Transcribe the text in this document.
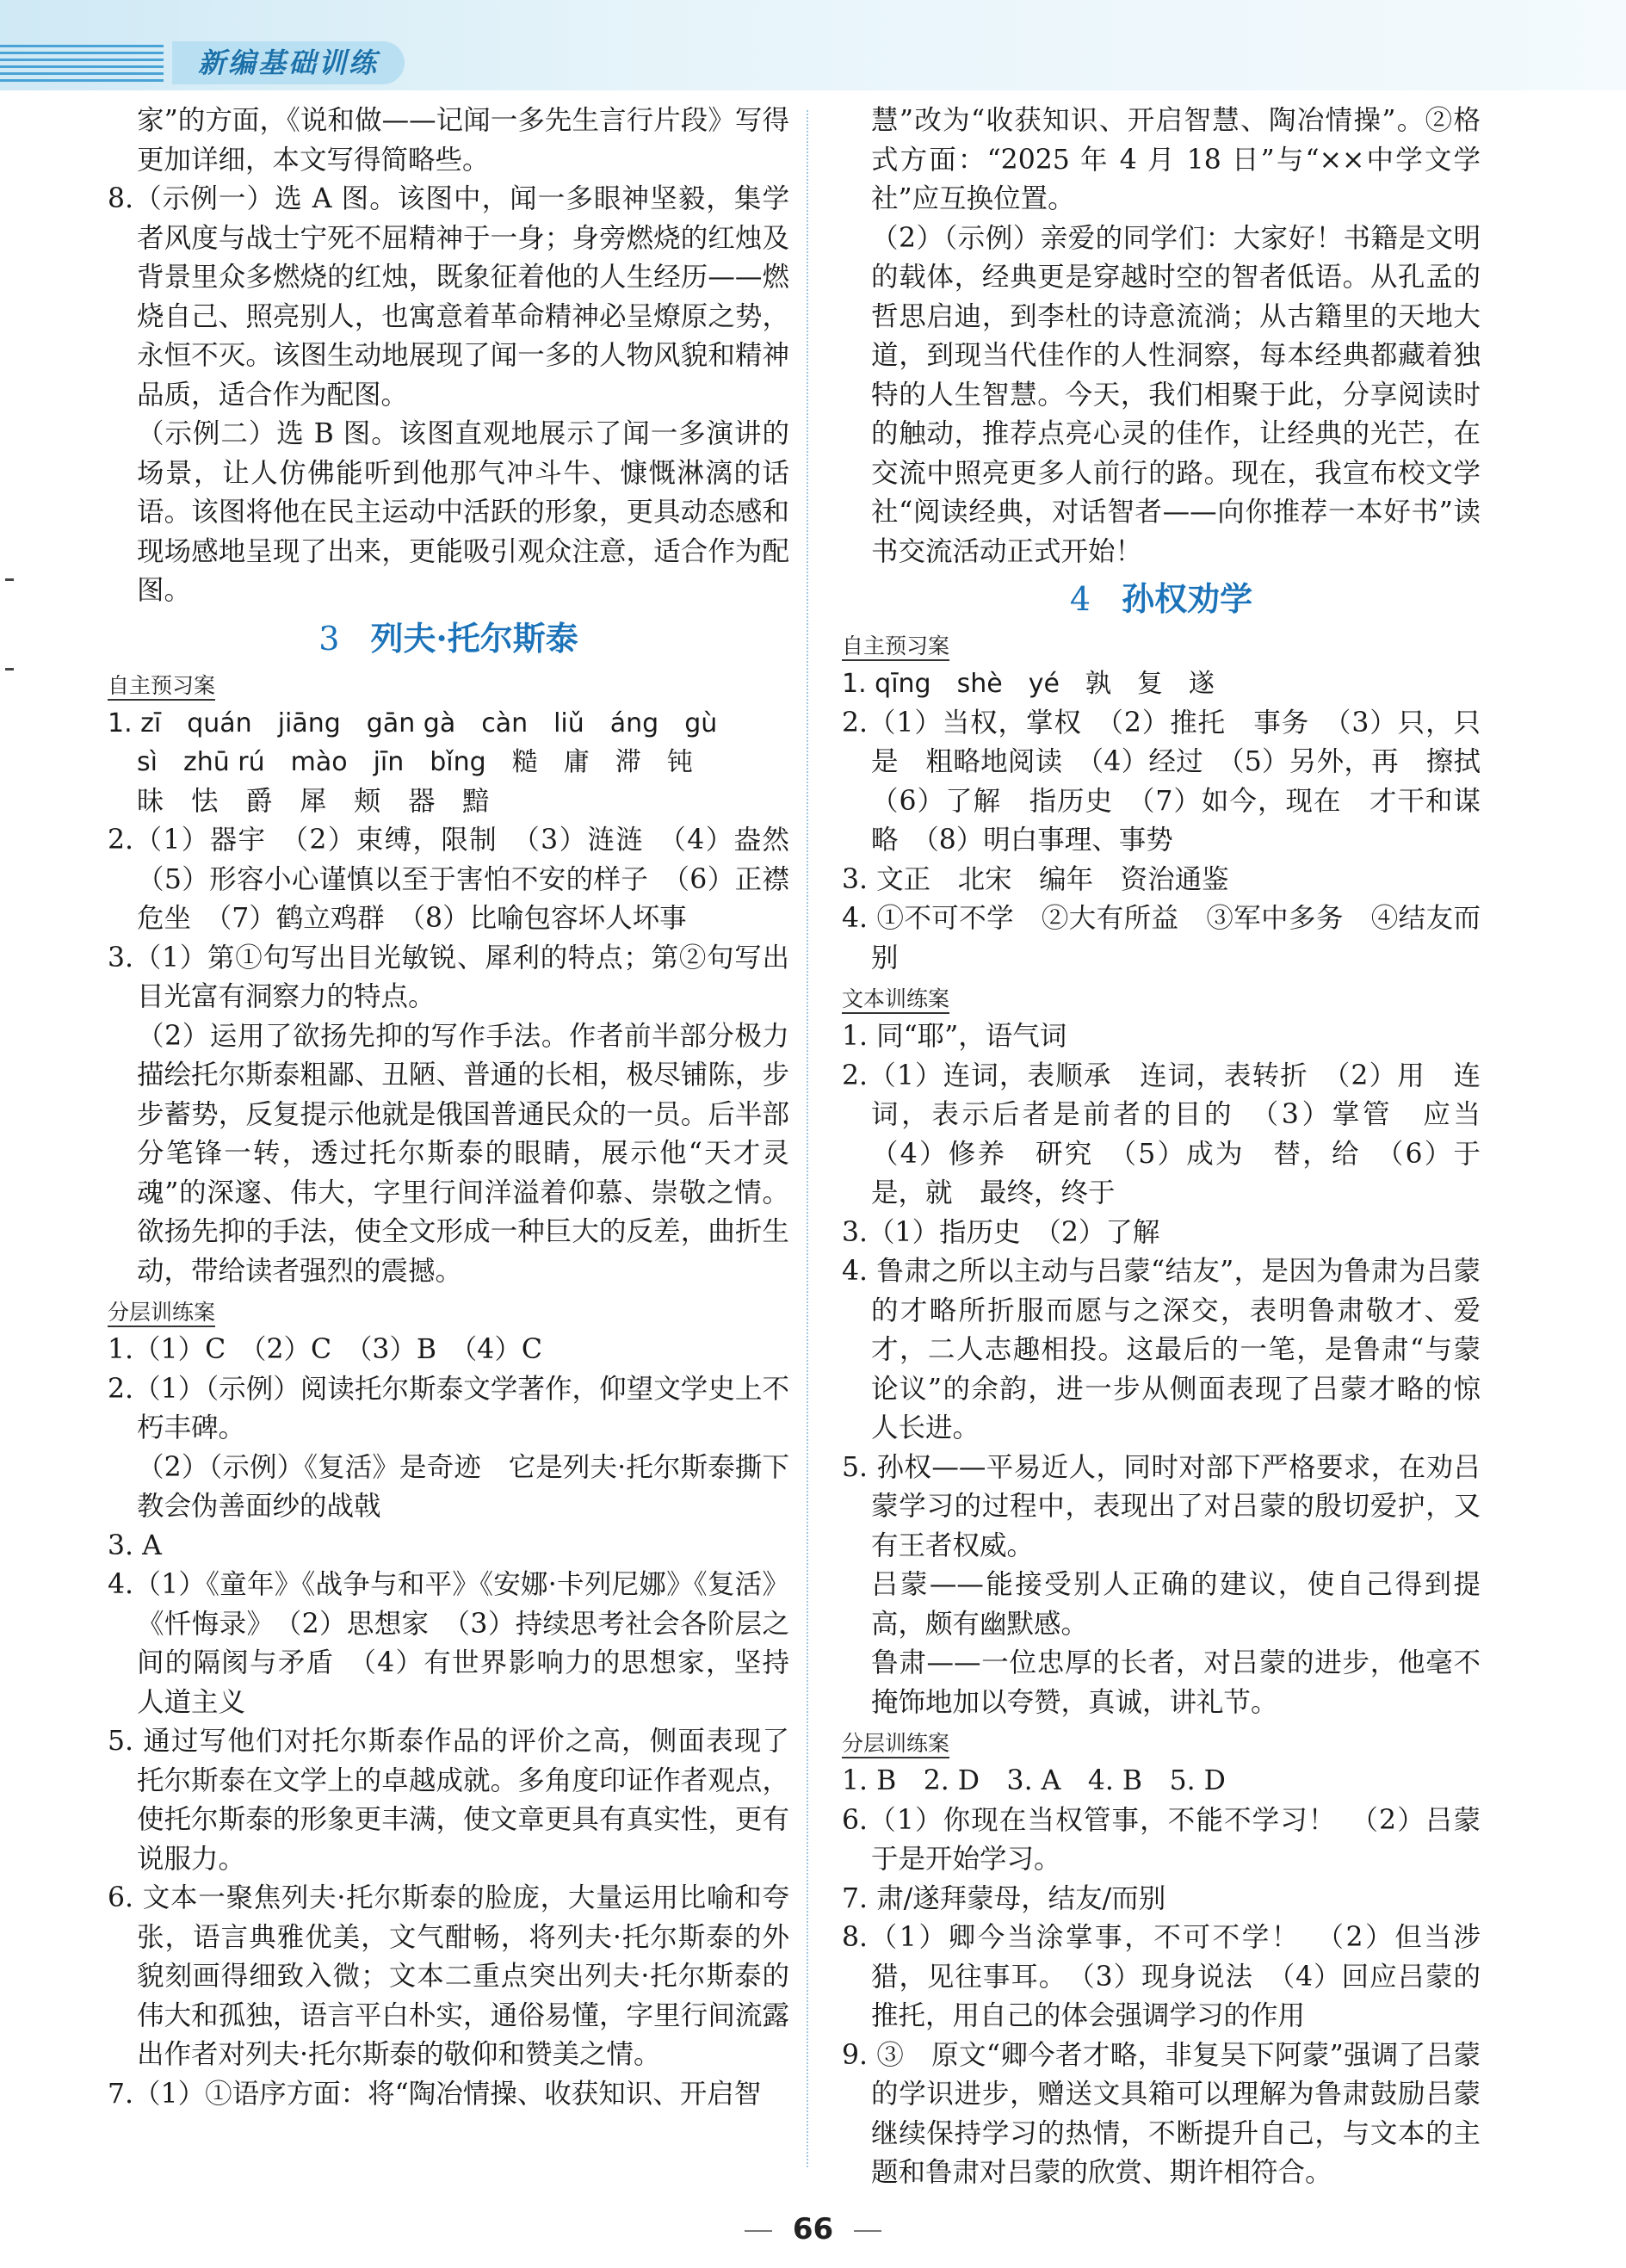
新编基础训练

家”的方面，《说和做——记闻一多先生言行片段》写得更加详细，本文写得简略些。

8.（示例一）选 A 图。该图中，闻一多眼神坚毅，集学者风度与战士宁死不屈精神于一身；身旁燃烧的红烛及背景里众多燃烧的红烛，既象征着他的人生经历——燃烧自己、照亮别人，也寓意着革命精神必呈燎原之势，永恒不灭。该图生动地展现了闻一多的人物风貌和精神品质，适合作为配图。

（示例二）选 B 图。该图直观地展示了闻一多演讲的场景，让人仿佛能听到他那气冲斗牛、慷慨淋漓的话语。该图将他在民主运动中活跃的形象，更具动态感和现场感地呈现了出来，更能吸引观众注意，适合作为配图。

3 列夫·托尔斯泰
自主预习案

1. zī　quán　jiāng　gān gà　càn　liǔ　áng　gù

sì　zhū rú　mào　jīn　bǐng　糙　庸　滞　钝

昧　怯　爵　犀　颊　器　黯

2.（1）器宇　（2）束缚，限制　（3）涟涟　（4）盎然（5）形容小心谨慎以至于害怕不安的样子　（6）正襟危坐　（7）鹤立鸡群　（8）比喻包容坏人坏事

3.（1）第①句写出目光敏锐、犀利的特点；第②句写出目光富有洞察力的特点。

（2）运用了欲扬先抑的写作手法。作者前半部分极力描绘托尔斯泰粗鄙、丑陋、普通的长相，极尽铺陈，步步蓄势，反复提示他就是俄国普通民众的一员。后半部分笔锋一转，透过托尔斯泰的眼睛，展示他“天才灵魂”的深邃、伟大，字里行间洋溢着仰慕、崇敬之情。欲扬先抑的手法，使全文形成一种巨大的反差，曲折生动，带给读者强烈的震撼。

分层训练案

1.（1）C　（2）C　（3）B　（4）C

2.（1）（示例）阅读托尔斯泰文学著作，仰望文学史上不朽丰碑。

（2）（示例）《复活》是奇迹　它是列夫·托尔斯泰撕下教会伪善面纱的战戟

3. A

4.（1）《童年》《战争与和平》《安娜·卡列尼娜》《复活》《忏悔录》　（2）思想家　（3）持续思考社会各阶层之间的隔阂与矛盾　（4）有世界影响力的思想家，坚持人道主义

5. 通过写他们对托尔斯泰作品的评价之高，侧面表现了托尔斯泰在文学上的卓越成就。多角度印证作者观点，使托尔斯泰的形象更丰满，使文章更具有真实性，更有说服力。

6. 文本一聚焦列夫·托尔斯泰的脸庞，大量运用比喻和夸张，语言典雅优美，文气酣畅，将列夫·托尔斯泰的外貌刻画得细致入微；文本二重点突出列夫·托尔斯泰的伟大和孤独，语言平白朴实，通俗易懂，字里行间流露出作者对列夫·托尔斯泰的敬仰和赞美之情。

7.（1）①语序方面：将“陶冶情操、收获知识、开启智

慧”改为“收获知识、开启智慧、陶冶情操”。②格式方面：“2025 年 4 月 18 日”与“××中学文学社”应互换位置。

（2）（示例）亲爱的同学们：大家好！书籍是文明的载体，经典更是穿越时空的智者低语。从孔孟的哲思启迪，到李杜的诗意流淌；从古籍里的天地大道，到现当代佳作的人性洞察，每本经典都藏着独特的人生智慧。今天，我们相聚于此，分享阅读时的触动，推荐点亮心灵的佳作，让经典的光芒，在交流中照亮更多人前行的路。现在，我宣布校文学社“阅读经典，对话智者——向你推荐一本好书”读书交流活动正式开始！

4 孙权劝学
自主预习案

1. qīng　shè　yé　孰　复　遂

2.（1）当权，掌权　（2）推托　事务　（3）只，只是　粗略地阅读　（4）经过　（5）另外，再　擦拭　（6）了解　指历史　（7）如今，现在　才干和谋略　（8）明白事理、事势

3. 文正　北宋　编年　资治通鉴

4. ①不可不学　②大有所益　③军中多务　④结友而别

文本训练案

1. 同“耶”，语气词

2.（1）连词，表顺承　连词，表转折　（2）用　连词，表示后者是前者的目的　（3）掌管　应当　（4）修养　研究　（5）成为　替，给　（6）于是，就　最终，终于

3.（1）指历史　（2）了解

4. 鲁肃之所以主动与吕蒙“结友”，是因为鲁肃为吕蒙的才略所折服而愿与之深交，表明鲁肃敬才、爱才，二人志趣相投。这最后的一笔，是鲁肃“与蒙论议”的余韵，进一步从侧面表现了吕蒙才略的惊人长进。

5. 孙权——平易近人，同时对部下严格要求，在劝吕蒙学习的过程中，表现出了对吕蒙的殷切爱护，又有王者权威。

吕蒙——能接受别人正确的建议，使自己得到提高，颇有幽默感。

鲁肃——一位忠厚的长者，对吕蒙的进步，他毫不掩饰地加以夸赞，真诚，讲礼节。

分层训练案

1. B　2. D　3. A　4. B　5. D

6.（1）你现在当权管事，不能不学习！　（2）吕蒙于是开始学习。

7. 肃/遂拜蒙母，结友/而别

8.（1）卿今当涂掌事，不可不学！　（2）但当涉猎，见往事耳。　（3）现身说法　（4）回应吕蒙的推托，用自己的体会强调学习的作用

9. ③　原文“卿今者才略，非复吴下阿蒙”强调了吕蒙的学识进步，赠送文具箱可以理解为鲁肃鼓励吕蒙继续保持学习的热情，不断提升自己，与文本的主题和鲁肃对吕蒙的欣赏、期许相符合。

66
